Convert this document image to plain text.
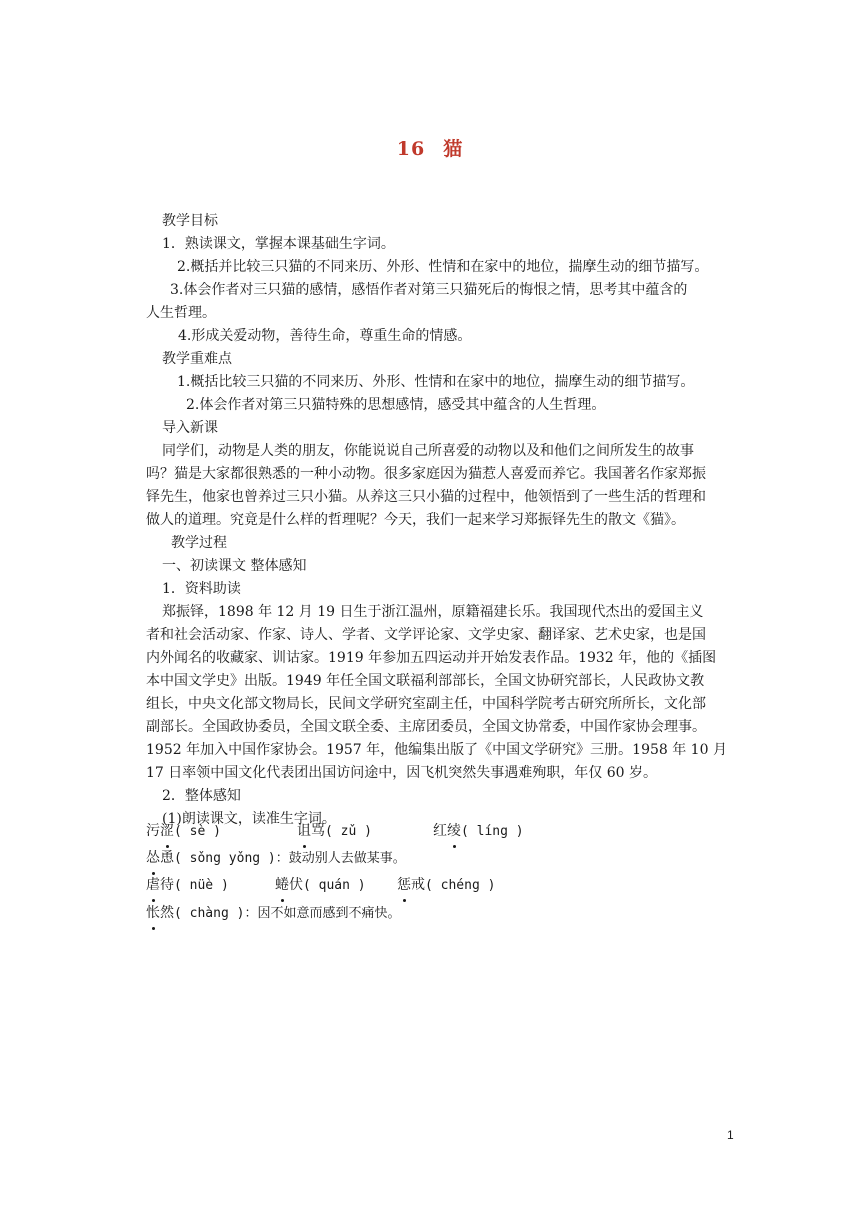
16 猫
教学目标
1．熟读课文，掌握本课基础生字词。
2.概括并比较三只猫的不同来历、外形、性情和在家中的地位，揣摩生动的细节描写。
3.体会作者对三只猫的感情，感悟作者对第三只猫死后的悔恨之情，思考其中蕴含的
人生哲理。
4.形成关爱动物，善待生命，尊重生命的情感。
教学重难点
1.概括比较三只猫的不同来历、外形、性情和在家中的地位，揣摩生动的细节描写。
2.体会作者对第三只猫特殊的思想感情，感受其中蕴含的人生哲理。
导入新课
同学们，动物是人类的朋友，你能说说自己所喜爱的动物以及和他们之间所发生的故事
吗？猫是大家都很熟悉的一种小动物。很多家庭因为猫惹人喜爱而养它。我国著名作家郑振
铎先生，他家也曾养过三只小猫。从养这三只小猫的过程中，他领悟到了一些生活的哲理和
做人的道理。究竟是什么样的哲理呢？今天，我们一起来学习郑振铎先生的散文《猫》。
教学过程
一、初读课文 整体感知
1．资料助读
郑振铎，1898 年 12 月 19 日生于浙江温州，原籍福建长乐。我国现代杰出的爱国主义
者和社会活动家、作家、诗人、学者、文学评论家、文学史家、翻译家、艺术史家，也是国
内外闻名的收藏家、训诂家。1919 年参加五四运动并开始发表作品。1932 年，他的《插图
本中国文学史》出版。1949 年任全国文联福利部部长，全国文协研究部长，人民政协文教
组长，中央文化部文物局长，民间文学研究室副主任，中国科学院考古研究所所长，文化部
副部长。全国政协委员，全国文联全委、主席团委员，全国文协常委，中国作家协会理事。
1952 年加入中国作家协会。1957 年，他编集出版了《中国文学研究》三册。1958 年 10 月
17 日率领中国文化代表团出国访问途中，因飞机突然失事遇难殉职，年仅 60 岁。
2．整体感知
(1)朗读课文，读准生字词。
污涩( sè )	诅骂( zǔ )	红绫( líng )
怂恿( sǒng yǒng )：鼓动别人去做某事。
虐待( nüè )	蜷伏( quán ) 惩戒( chéng )
怅然( chàng )：因不如意而感到不痛快。
1
